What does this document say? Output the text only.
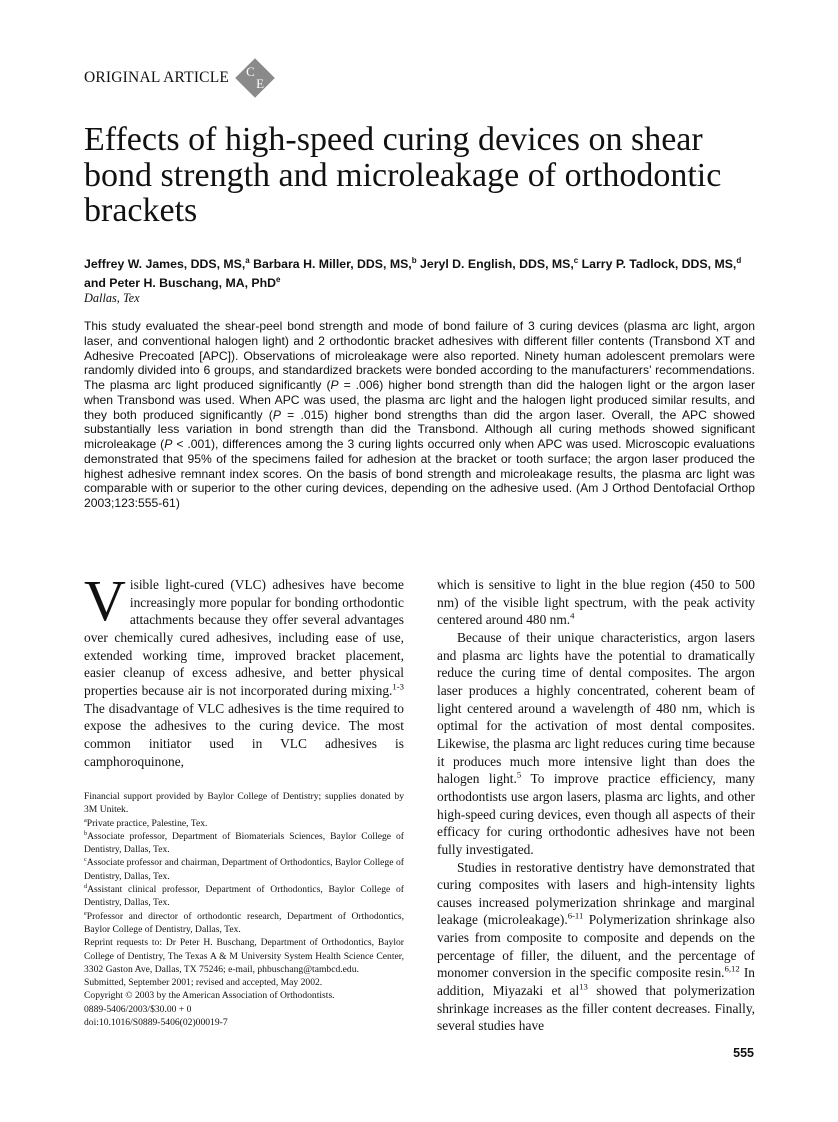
ORIGINAL ARTICLE C
E
Effects of high-speed curing devices on shear bond strength and microleakage of orthodontic brackets
Jeffrey W. James, DDS, MS,$^a$ Barbara H. Miller, DDS, MS,$^b$ Jeryl D. English, DDS, MS,$^c$ Larry P. Tadlock, DDS, MS,$^d$ and Peter H. Buschang, MA, PhD$^e$
Dallas, Tex
This study evaluated the shear-peel bond strength and mode of bond failure of 3 curing devices (plasma arc light, argon laser, and conventional halogen light) and 2 orthodontic bracket adhesives with different filler contents (Transbond XT and Adhesive Precoated [APC]). Observations of microleakage were also reported. Ninety human adolescent premolars were randomly divided into 6 groups, and standardized brackets were bonded according to the manufacturers’ recommendations. The plasma arc light produced significantly (P = .006) higher bond strength than did the halogen light or the argon laser when Transbond was used. When APC was used, the plasma arc light and the halogen light produced similar results, and they both produced significantly (P = .015) higher bond strengths than did the argon laser. Overall, the APC showed substantially less variation in bond strength than did the Transbond. Although all curing methods showed significant microleakage (P < .001), differences among the 3 curing lights occurred only when APC was used. Microscopic evaluations demonstrated that 95% of the specimens failed for adhesion at the bracket or tooth surface; the argon laser produced the highest adhesive remnant index scores. On the basis of bond strength and microleakage results, the plasma arc light was comparable with or superior to the other curing devices, depending on the adhesive used. (Am J Orthod Dentofacial Orthop 2003;123:555-61)
V isible light-cured (VLC) adhesives have become increasingly more popular for bonding orthodontic attachments because they offer several advantages over chemically cured adhesives, including ease of use, extended working time, improved bracket placement, easier cleanup of excess adhesive, and better physical properties because air is not incorporated during mixing.$^{1-3}$ The disadvantage of VLC adhesives is the time required to expose the adhesives to the curing device. The most common initiator used in VLC adhesives is camphoroquinone,

which is sensitive to light in the blue region (450 to 500 nm) of the visible light spectrum, with the peak activity centered around 480 nm.$^4$

Because of their unique characteristics, argon lasers and plasma arc lights have the potential to dramatically reduce the curing time of dental composites. The argon laser produces a highly concentrated, coherent beam of light centered around a wavelength of 480 nm, which is optimal for the activation of most dental composites. Likewise, the plasma arc light reduces curing time because it produces much more intensive light than does the halogen light.$^5$ To improve practice efficiency, many orthodontists use argon lasers, plasma arc lights, and other high-speed curing devices, even though all aspects of their efficacy for curing orthodontic adhesives have not been fully investigated.

Studies in restorative dentistry have demonstrated that curing composites with lasers and high-intensity lights causes increased polymerization shrinkage and marginal leakage (microleakage).$^{6-11}$ Polymerization shrinkage also varies from composite to composite and depends on the percentage of filler, the diluent, and the percentage of monomer conversion in the specific composite resin.$^{6,12}$ In addition, Miyazaki et $al^{13}$ showed that polymerization shrinkage increases as the filler content decreases. Finally, several studies have

Financial support provided by Baylor College of Dentistry; supplies donated by 3M Unitek.
$^a$Private practice, Palestine, Tex.
$^b$Associate professor, Department of Biomaterials Sciences, Baylor College of Dentistry, Dallas, Tex.
$^c$Associate professor and chairman, Department of Orthodontics, Baylor College of Dentistry, Dallas, Tex.
$^d$Assistant clinical professor, Department of Orthodontics, Baylor College of Dentistry, Dallas, Tex.
$^e$Professor and director of orthodontic research, Department of Orthodontics, Baylor College of Dentistry, Dallas, Tex.
Reprint requests to: Dr Peter H. Buschang, Department of Orthodontics, Baylor College of Dentistry, The Texas A & M University System Health Science Center, 3302 Gaston Ave, Dallas, TX 75246; e-mail, phbuschang@tambcd.edu.
Submitted, September 2001; revised and accepted, May 2002.
Copyright © 2003 by the American Association of Orthodontists.
0889-5406/2003/$30.00 + 0
doi:10.1016/S0889-5406(02)00019-7
555
